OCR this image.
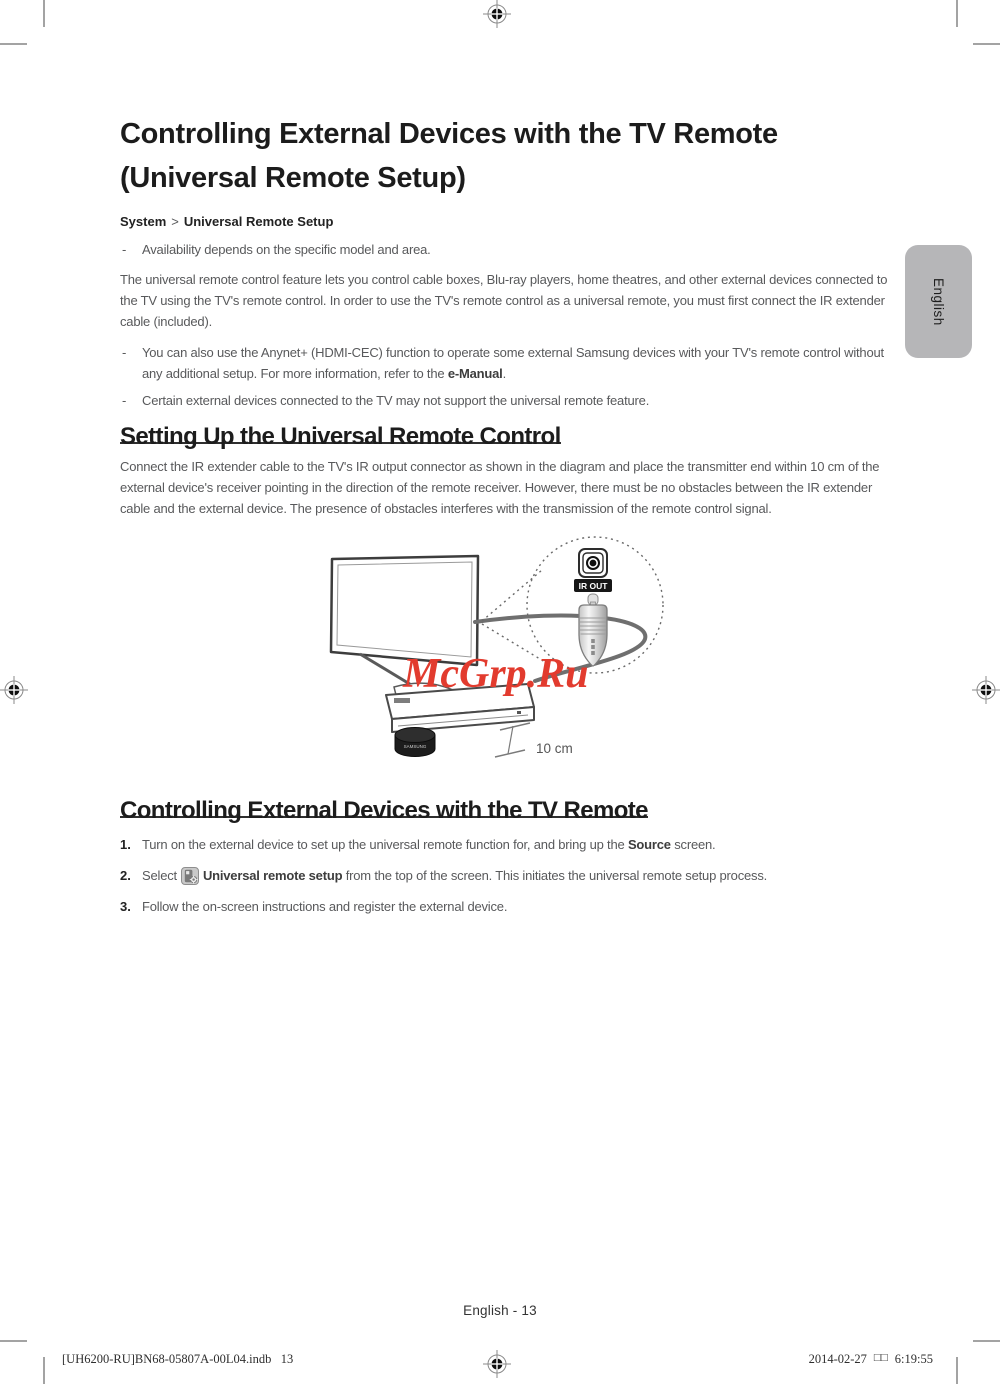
English
Controlling External Devices with the TV Remote
(Universal Remote Setup)
System > Universal Remote Setup
-	Availability depends on the specific model and area.

The universal remote control feature lets you control cable boxes, Blu-ray players, home theatres, and other external devices connected to the TV using the TV's remote control. In order to use the TV's remote control as a universal remote, you must first connect the IR extender cable (included).

-	You can also use the Anynet+ (HDMI-CEC) function to operate some external Samsung devices with your TV's remote control without any additional setup. For more information, refer to the e-Manual.
-	Certain external devices connected to the TV may not support the universal remote feature.
Setting Up the Universal Remote Control

Connect the IR extender cable to the TV's IR output connector as shown in the diagram and place the transmitter end within 10 cm of the external device's receiver pointing in the direction of the remote receiver. However, there must be no obstacles between the IR extender cable and the external device. The presence of obstacles interferes with the transmission of the remote control signal.

SAMSUNG	10 cm
IR OUT
McGrp.Ru
Controlling External Devices with the TV Remote
1. Turn on the external device to set up the universal remote function for, and bring up the Source screen.
2. Select Universal remote setup from the top of the screen. This initiates the universal remote setup process.
3. Follow the on-screen instructions and register the external device.
English - 13
[UH6200-RU]BN68-05807A-00L04.indb   13	2014-02-27 □□ 6:19:55
